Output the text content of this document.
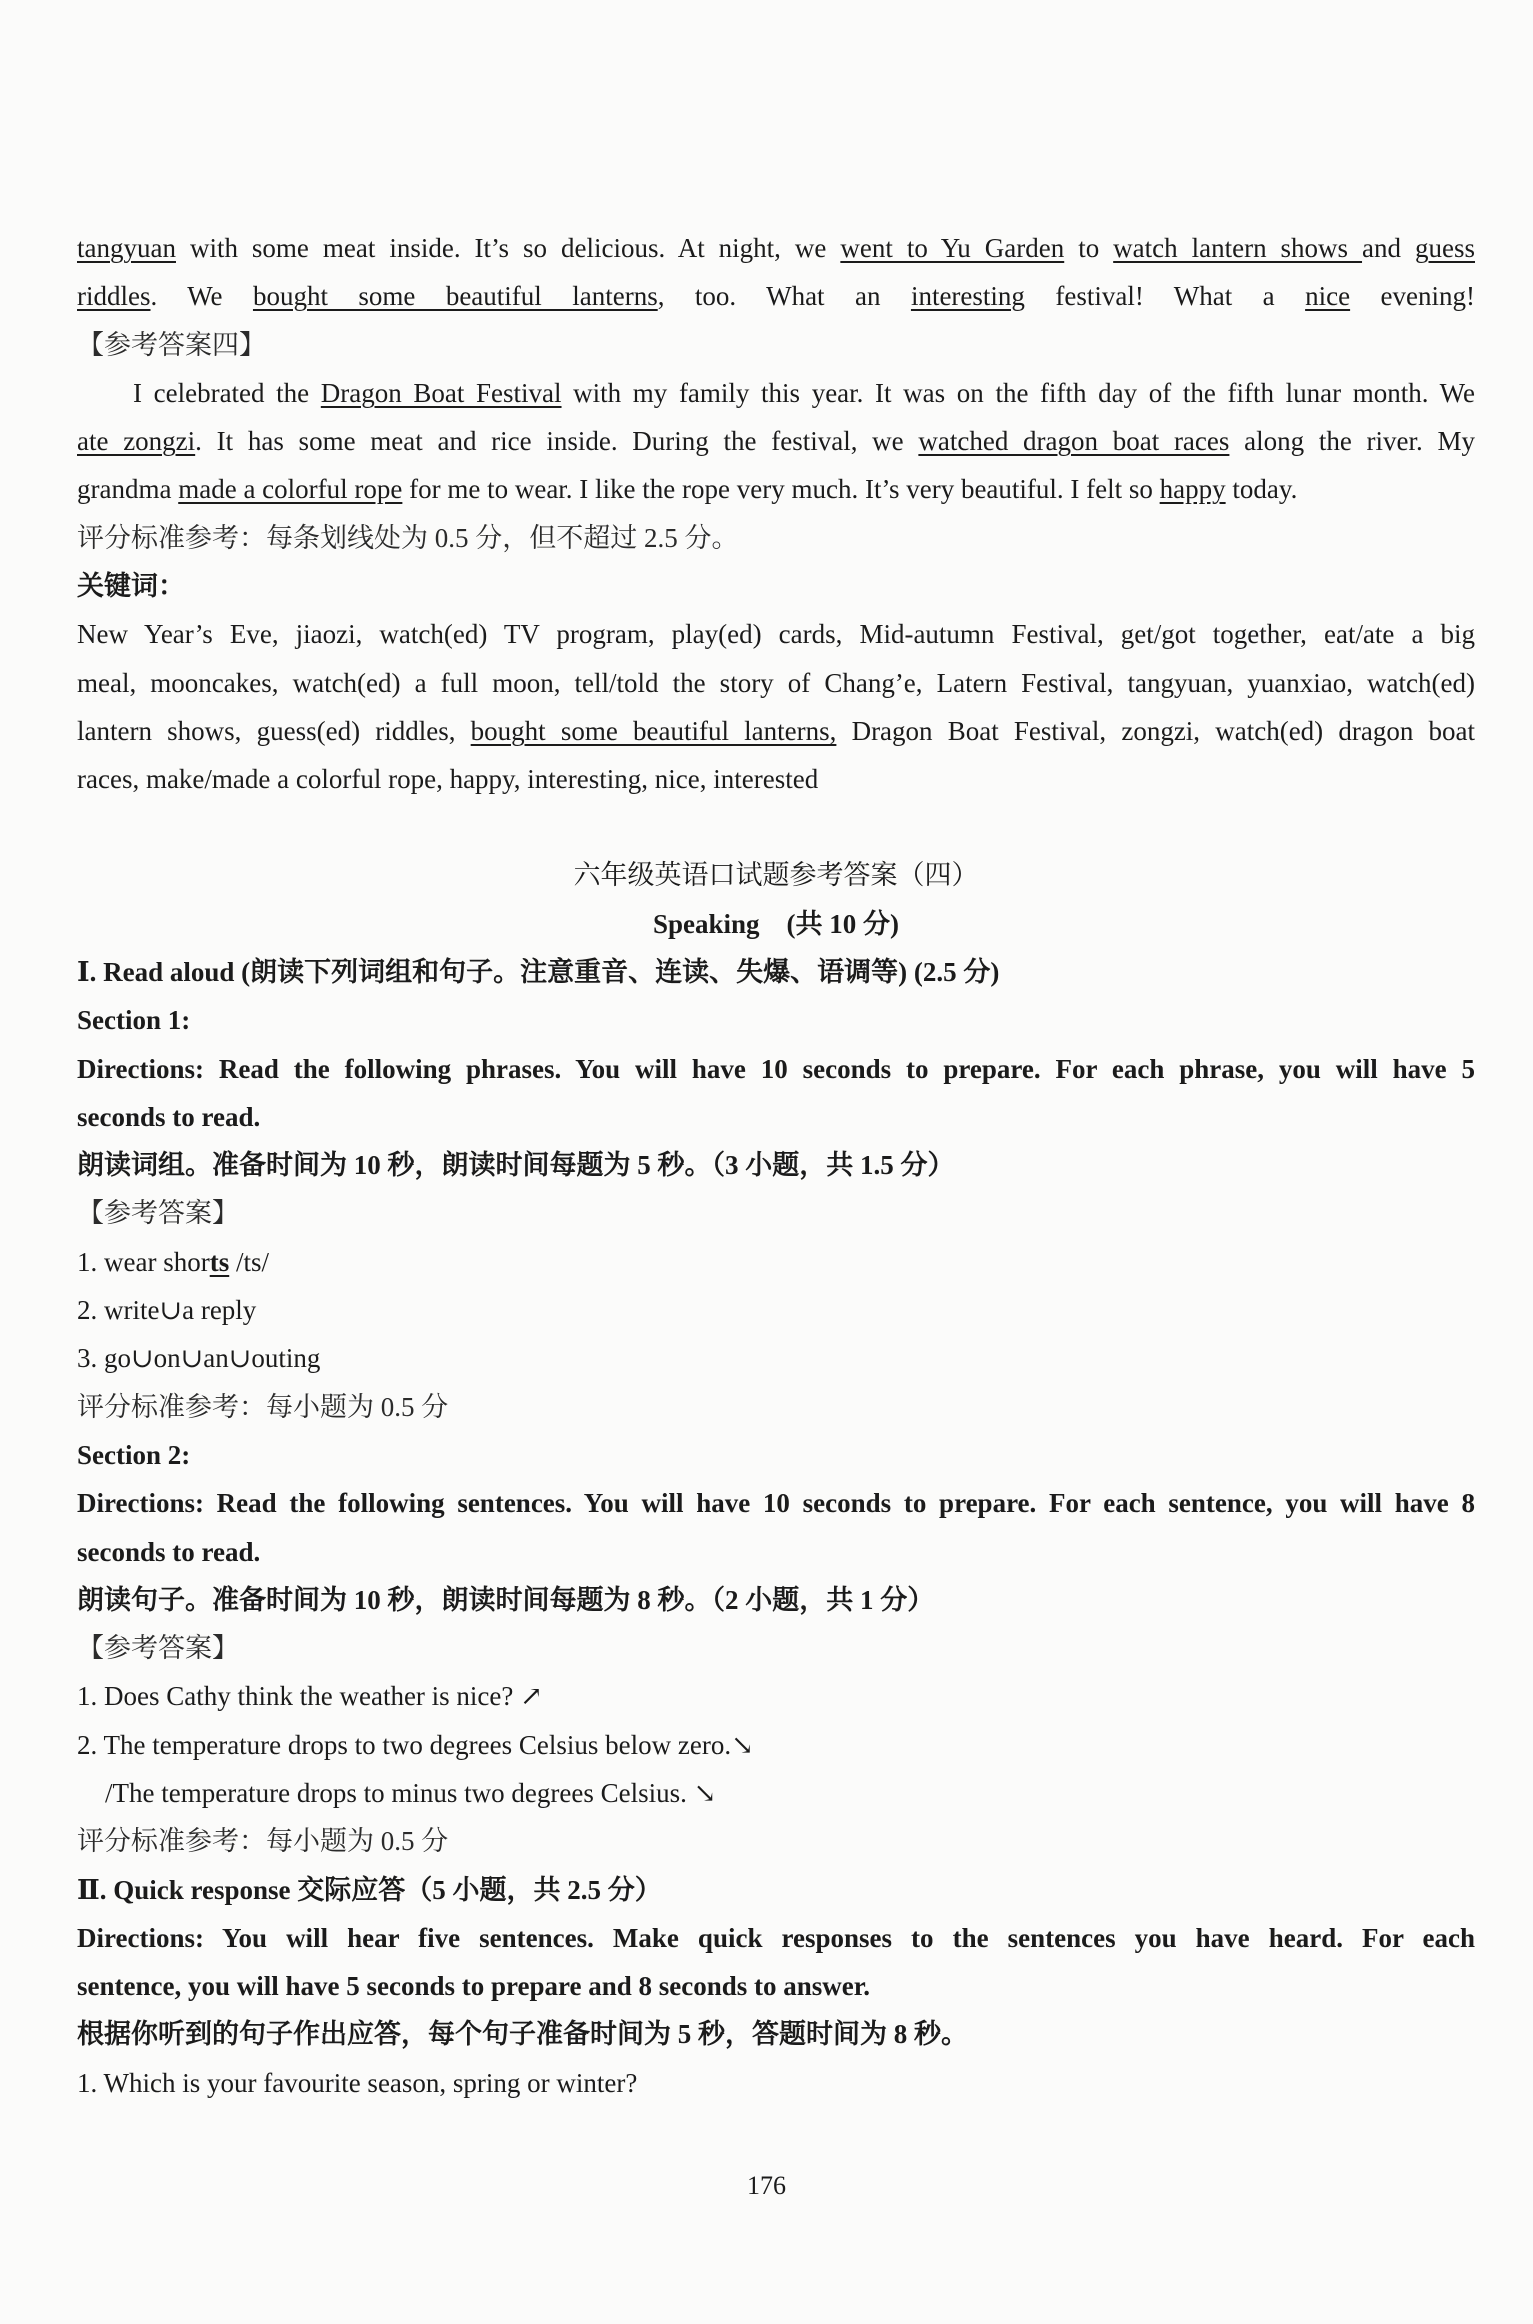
tangyuan with some meat inside. It’s so delicious. At night, we went to Yu Garden to watch lantern shows and guess
riddles. We bought some beautiful lanterns, too. What an interesting festival! What a nice evening!
【参考答案四】
I celebrated the Dragon Boat Festival with my family this year. It was on the fifth day of the fifth lunar month. We
ate zongzi. It has some meat and rice inside. During the festival, we watched dragon boat races along the river. My
grandma made a colorful rope for me to wear. I like the rope very much. It’s very beautiful. I felt so happy today.
评分标准参考：每条划线处为 0.5 分，但不超过 2.5 分。
关键词：
New Year’s Eve, jiaozi, watch(ed) TV program, play(ed) cards, Mid-autumn Festival, get/got together, eat/ate a big
meal, mooncakes, watch(ed) a full moon, tell/told the story of Chang’e, Latern Festival, tangyuan, yuanxiao, watch(ed)
lantern shows, guess(ed) riddles, bought some beautiful lanterns, Dragon Boat Festival, zongzi, watch(ed) dragon boat
races, make/made a colorful rope, happy, interesting, nice, interested
六年级英语口试题参考答案（四）
Speaking　(共 10 分)
Ⅰ. Read aloud (朗读下列词组和句子。注意重音、连读、失爆、语调等) (2.5 分)
Section 1:
Directions: Read the following phrases. You will have 10 seconds to prepare. For each phrase, you will have 5
seconds to read.
朗读词组。准备时间为 10 秒，朗读时间每题为 5 秒。（3 小题，共 1.5 分）
【参考答案】
1. wear shorts /ts/
2. write∪a reply
3. go∪on∪an∪outing
评分标准参考：每小题为 0.5 分
Section 2:
Directions: Read the following sentences. You will have 10 seconds to prepare. For each sentence, you will have 8
seconds to read.
朗读句子。准备时间为 10 秒，朗读时间每题为 8 秒。（2 小题，共 1 分）
【参考答案】
1. Does Cathy think the weather is nice? ↗
2. The temperature drops to two degrees Celsius below zero.↘
/The temperature drops to minus two degrees Celsius. ↘
评分标准参考：每小题为 0.5 分
Ⅱ. Quick response 交际应答（5 小题，共 2.5 分）
Directions: You will hear five sentences. Make quick responses to the sentences you have heard. For each
sentence, you will have 5 seconds to prepare and 8 seconds to answer.
根据你听到的句子作出应答，每个句子准备时间为 5 秒，答题时间为 8 秒。
1. Which is your favourite season, spring or winter?
176
